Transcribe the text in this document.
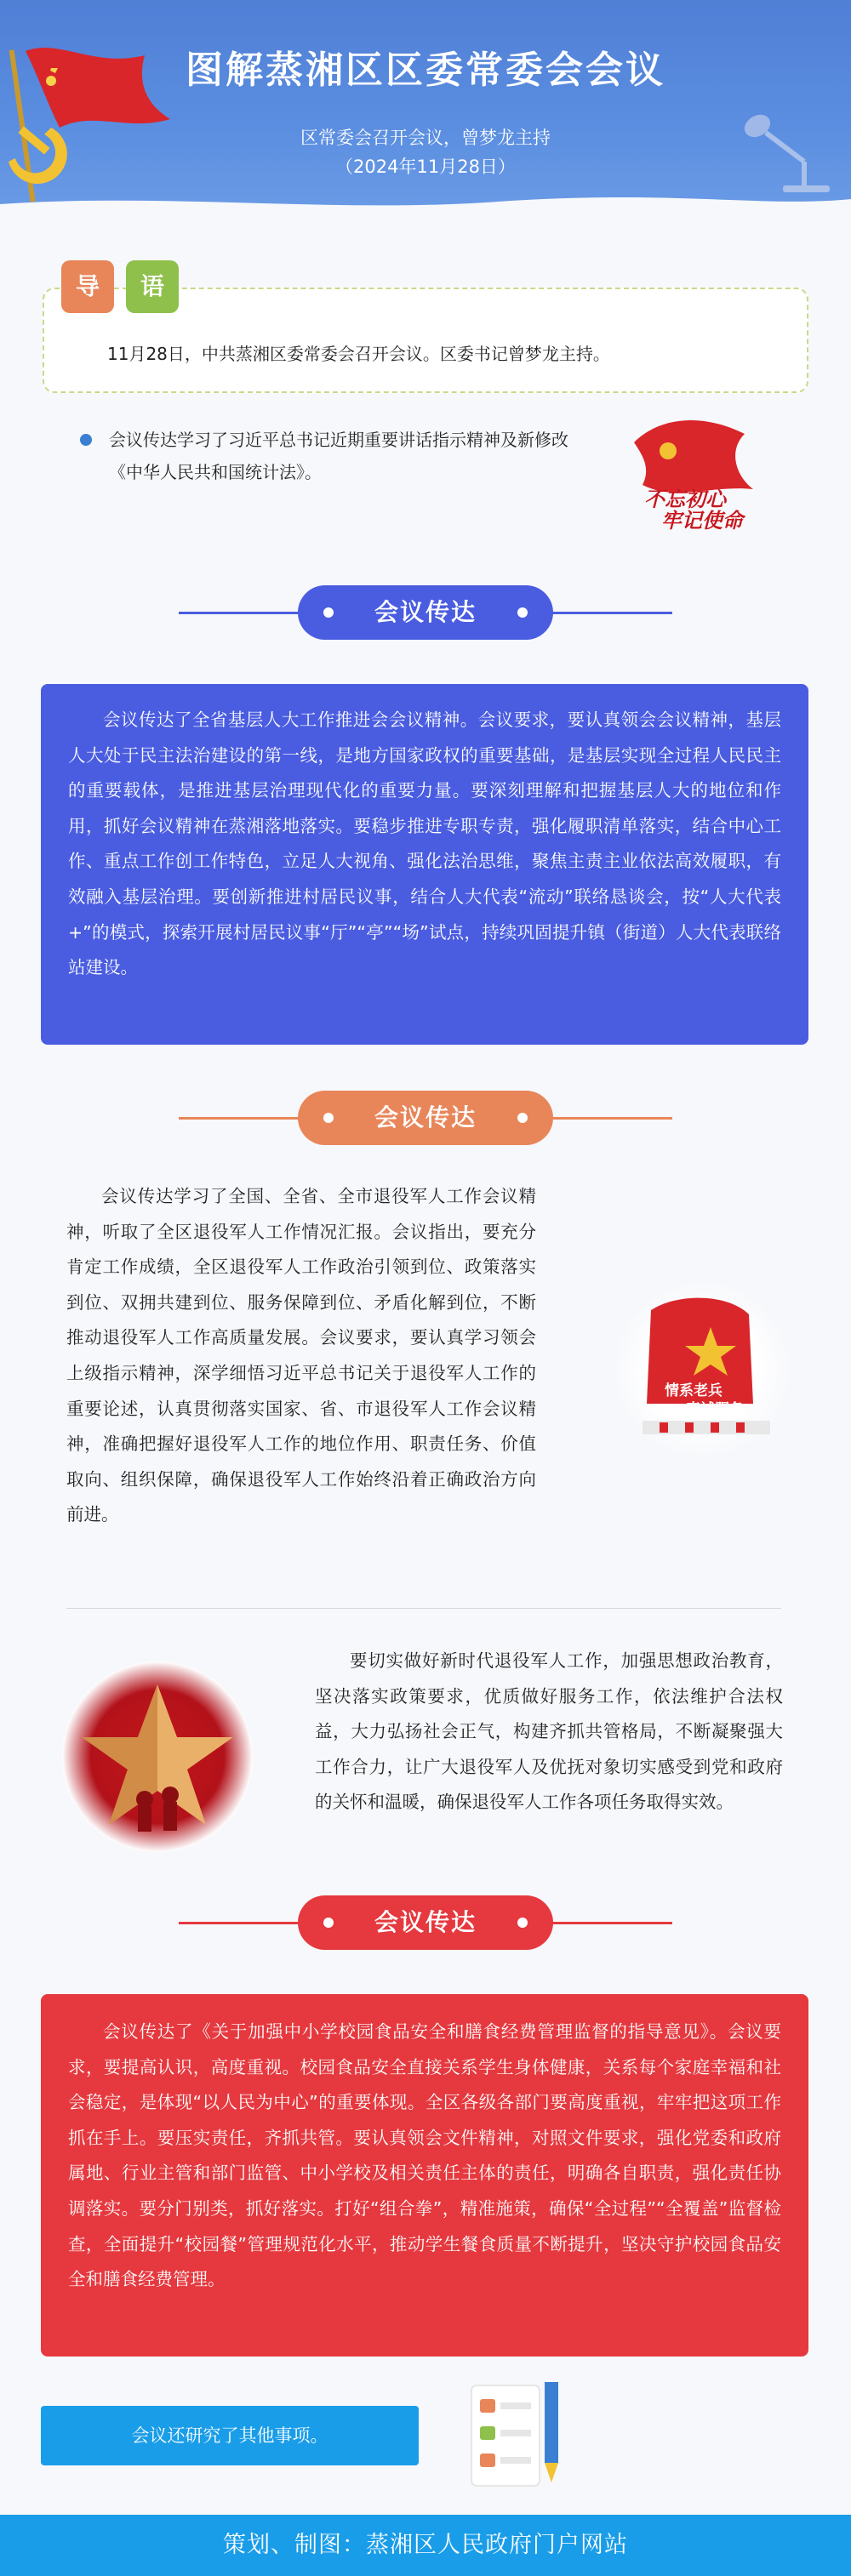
图解蒸湘区区委常委会会议
区常委会召开会议，曾梦龙主持
（2024年11月28日）
导	语
11月28日，中共蒸湘区委常委会召开会议。区委书记曾梦龙主持。
会议传达学习了习近平总书记近期重要讲话指示精神及新修改《中华人民共和国统计法》。
不忘初心
牢记使命
会议传达
会议传达了全省基层人大工作推进会会议精神。会议要求，要认真领会会议精神，基层人大处于民主法治建设的第一线，是地方国家政权的重要基础，是基层实现全过程人民民主的重要载体，是推进基层治理现代化的重要力量。要深刻理解和把握基层人大的地位和作用，抓好会议精神在蒸湘落地落实。要稳步推进专职专责，强化履职清单落实，结合中心工作、重点工作创工作特色，立足人大视角、强化法治思维，聚焦主责主业依法高效履职，有效融入基层治理。要创新推进村居民议事，结合人大代表“流动”联络恳谈会，按“人大代表+”的模式，探索开展村居民议事“厅”“亭”“场”试点，持续巩固提升镇（街道）人大代表联络站建设。
会议传达
会议传达学习了全国、全省、全市退役军人工作会议精神，听取了全区退役军人工作情况汇报。会议指出，要充分肯定工作成绩，全区退役军人工作政治引领到位、政策落实到位、双拥共建到位、服务保障到位、矛盾化解到位，不断推动退役军人工作高质量发展。会议要求，要认真学习领会上级指示精神，深学细悟习近平总书记关于退役军人工作的重要论述，认真贯彻落实国家、省、市退役军人工作会议精神，准确把握好退役军人工作的地位作用、职责任务、价值取向、组织保障，确保退役军人工作始终沿着正确政治方向前进。
情系老兵
真诚服务
要切实做好新时代退役军人工作，加强思想政治教育，坚决落实政策要求，优质做好服务工作，依法维护合法权益，大力弘扬社会正气，构建齐抓共管格局，不断凝聚强大工作合力，让广大退役军人及优抚对象切实感受到党和政府的关怀和温暖，确保退役军人工作各项任务取得实效。
会议传达
会议传达了《关于加强中小学校园食品安全和膳食经费管理监督的指导意见》。会议要求，要提高认识，高度重视。校园食品安全直接关系学生身体健康，关系每个家庭幸福和社会稳定，是体现“以人民为中心”的重要体现。全区各级各部门要高度重视，牢牢把这项工作抓在手上。要压实责任，齐抓共管。要认真领会文件精神，对照文件要求，强化党委和政府属地、行业主管和部门监管、中小学校及相关责任主体的责任，明确各自职责，强化责任协调落实。要分门别类，抓好落实。打好“组合拳”，精准施策，确保“全过程”“全覆盖”监督检查，全面提升“校园餐”管理规范化水平，推动学生餐食质量不断提升，坚决守护校园食品安全和膳食经费管理。
会议还研究了其他事项。
策划、制图：蒸湘区人民政府门户网站
